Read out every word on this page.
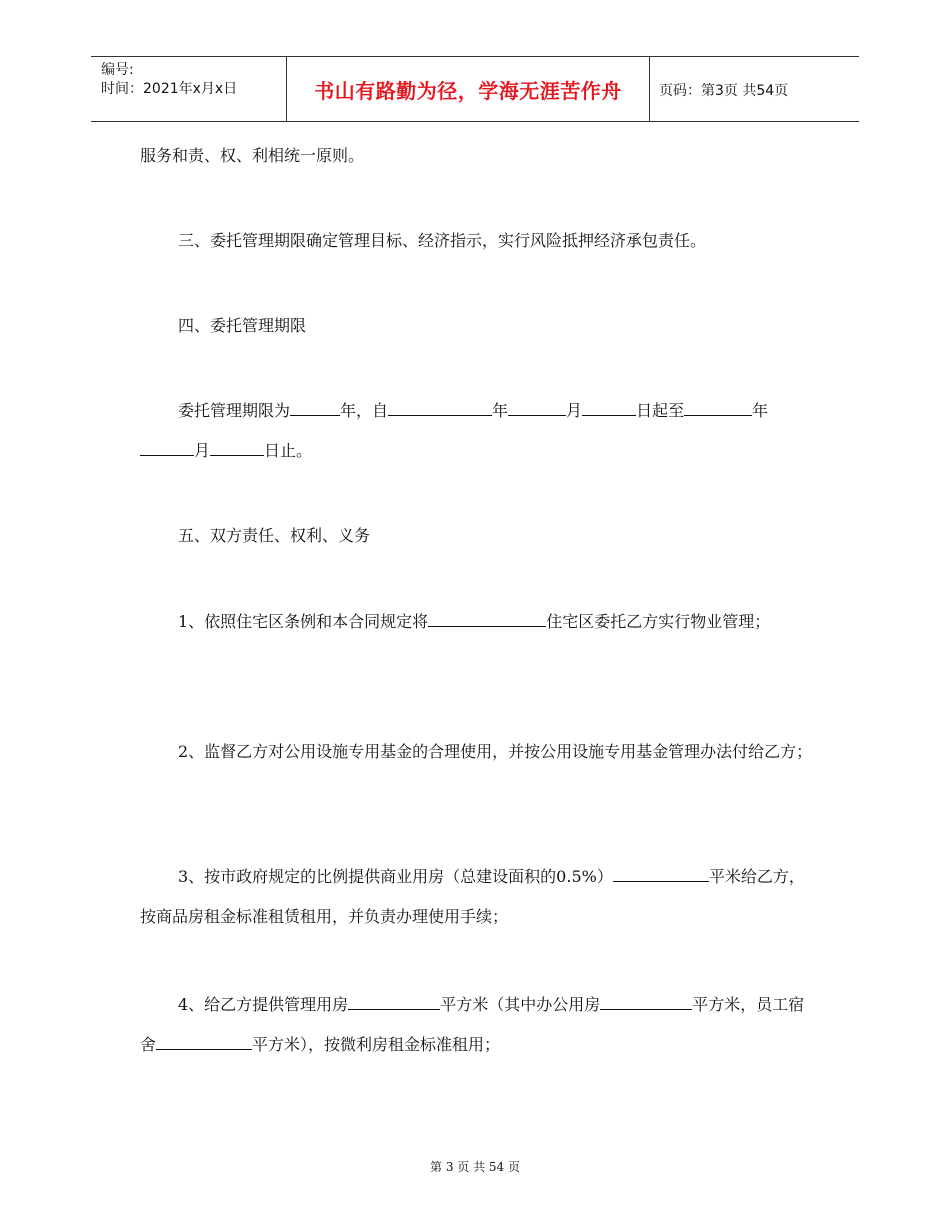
编号:
时间：2021年x月x日	书山有路勤为径，学海无涯苦作舟	页码：第3页 共54页

服务和责、权、利相统一原则。

三、委托管理期限确定管理目标、经济指示，实行风险抵押经济承包责任。

四、委托管理期限

委托管理期限为	年，自	年	月	日起至	年月	日止。

五、双方责任、权利、义务

1、依照住宅区条例和本合同规定将	住宅区委托乙方实行物业管理；

2、监督乙方对公用设施专用基金的合理使用，并按公用设施专用基金管理办法付给乙方；

3、按市政府规定的比例提供商业用房（总建设面积的0.5%）	平米给乙方，按商品房租金标准租赁租用，并负责办理使用手续；

4、给乙方提供管理用房	平方米（其中办公用房	平方米，员工宿舍	平方米），按微利房租金标准租用；

第 3 页 共 54 页
